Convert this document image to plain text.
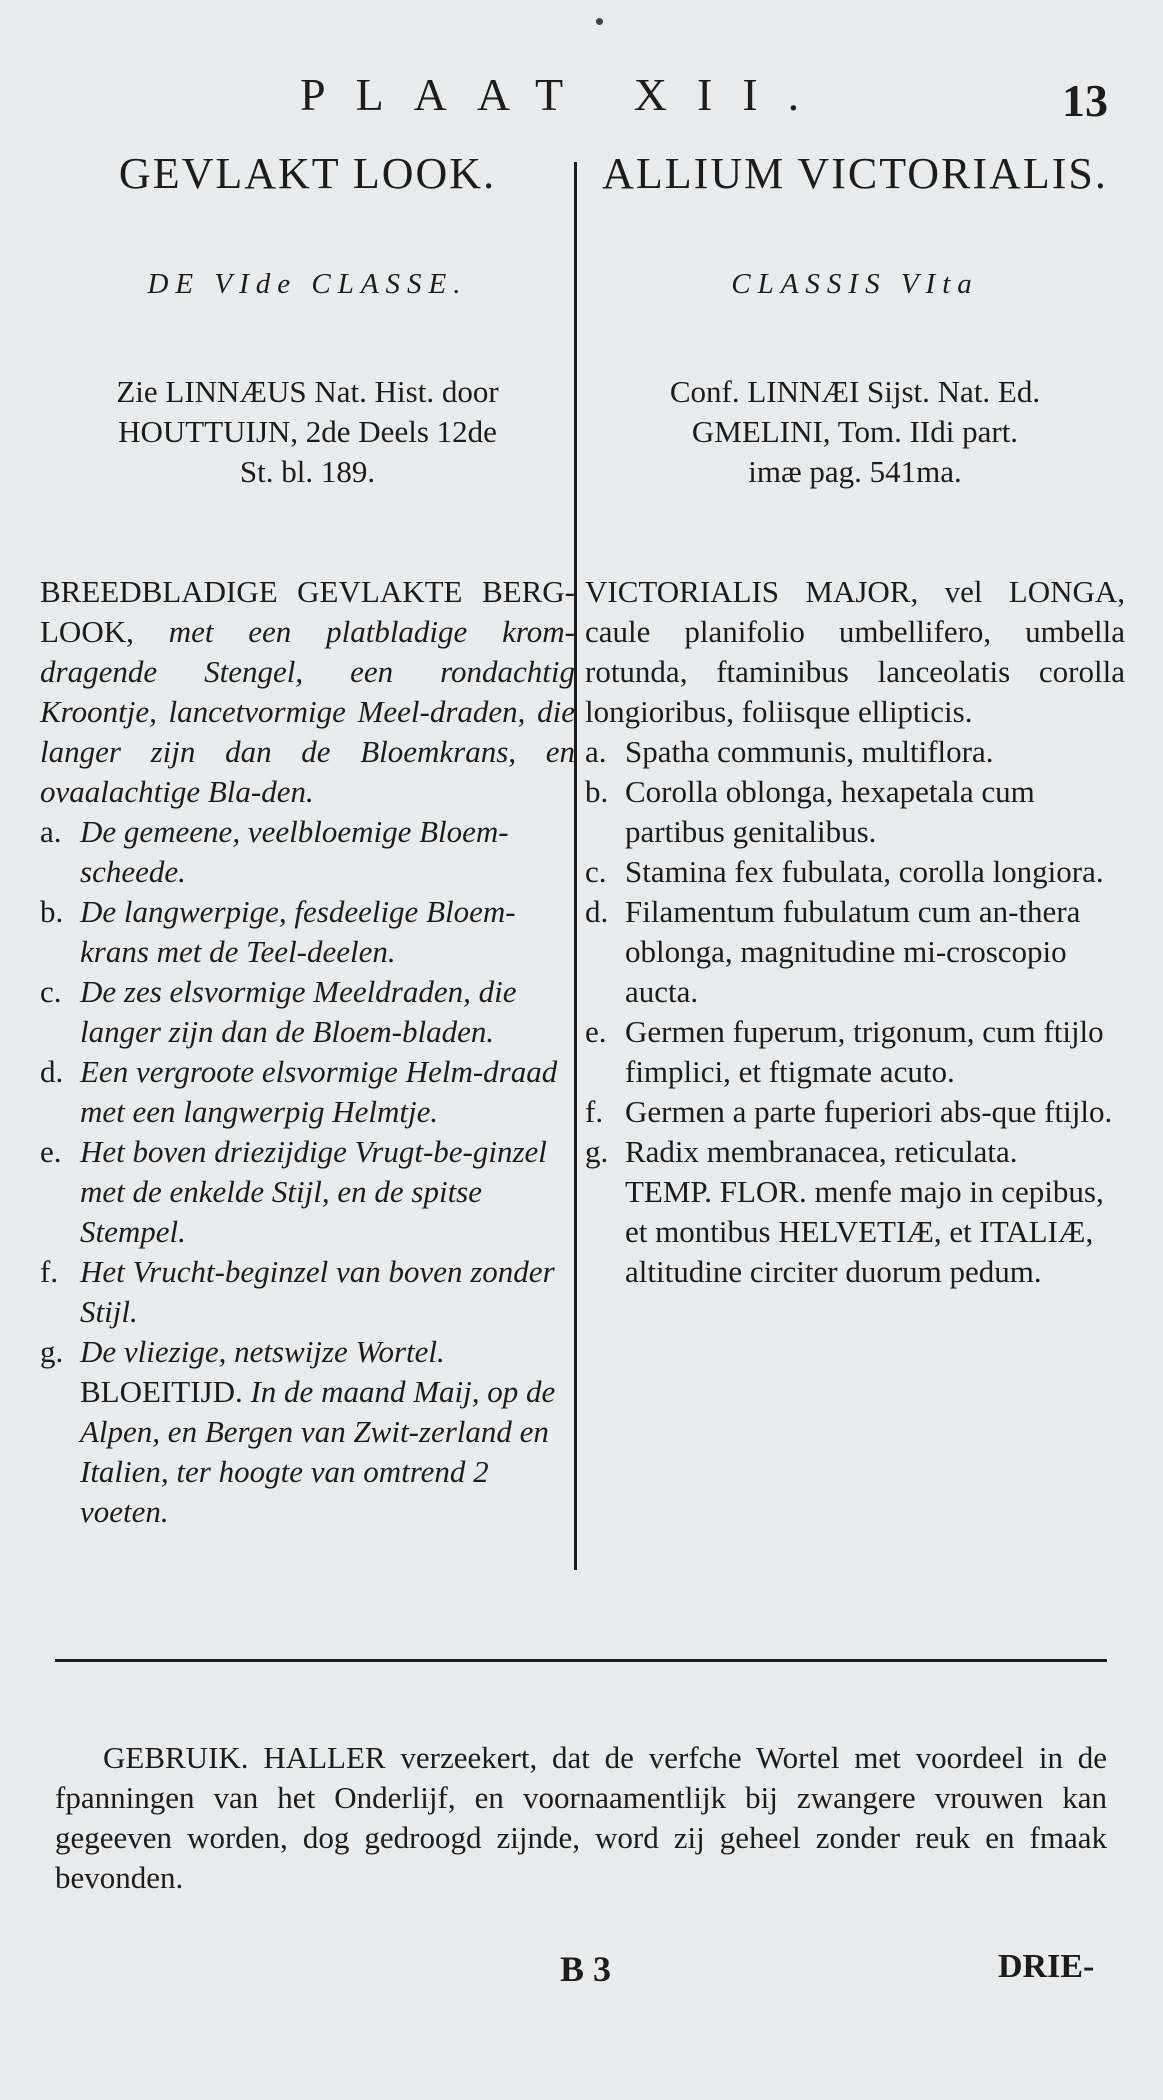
PLAAT XII.	13
GEVLAKT LOOK.
DE VIde CLASSE.
Zie LINNÆUS Nat. Hist. door
HOUTTUIJN, 2de Deels 12de
St. bl. 189.

BREEDBLADIGE GEVLAKTE BERG-LOOK, met een platbladige krom-dragende Stengel, een rondachtig Kroontje, lancetvormige Meel-draden, die langer zijn dan de Bloemkrans, en ovaalachtige Bla-den.

a. De gemeene, veelbloemige Bloem-scheede.
b. De langwerpige, fesdeelige Bloem-krans met de Teel-deelen.
c. De zes elsvormige Meeldraden, die langer zijn dan de Bloem-bladen.
d. Een vergroote elsvormige Helm-draad met een langwerpig Helmtje.
e. Het boven driezijdige Vrugt-be-ginzel met de enkelde Stijl, en de spitse Stempel.
f. Het Vrucht-beginzel van boven zonder Stijl.
g. De vliezige, netswijze Wortel.

BLOEITIJD. In de maand Maij, op de Alpen, en Bergen van Zwit-zerland en Italien, ter hoogte van omtrend 2 voeten.

ALLIUM VICTORIALIS.
CLASSIS VIta
Conf. LINNÆI Sijst. Nat. Ed.
GMELINI, Tom. IIdi part.
imæ pag. 541ma.

VICTORIALIS MAJOR, vel LONGA, caule planifolio umbellifero, umbella rotunda, ftaminibus lanceolatis corolla longioribus, foliisque ellipticis.

a. Spatha communis, multiflora.
b. Corolla oblonga, hexapetala cum partibus genitalibus.
c. Stamina fex fubulata, corolla longiora.
d. Filamentum fubulatum cum an-thera oblonga, magnitudine mi-croscopio aucta.
e. Germen fuperum, trigonum, cum ftijlo fimplici, et ftigmate acuto.
f. Germen a parte fuperiori abs-que ftijlo.
g. Radix membranacea, reticulata.

TEMP. FLOR. menfe majo in cepibus, et montibus HELVETIÆ, et ITALIÆ, altitudine circiter duorum pedum.

GEBRUIK. HALLER verzeekert, dat de verfche Wortel met voordeel in de fpanningen van het Onderlijf, en voornaamentlijk bij zwangere vrouwen kan gegeeven worden, dog gedroogd zijnde, word zij geheel zonder reuk en fmaak bevonden.

B 3	DRIE-
